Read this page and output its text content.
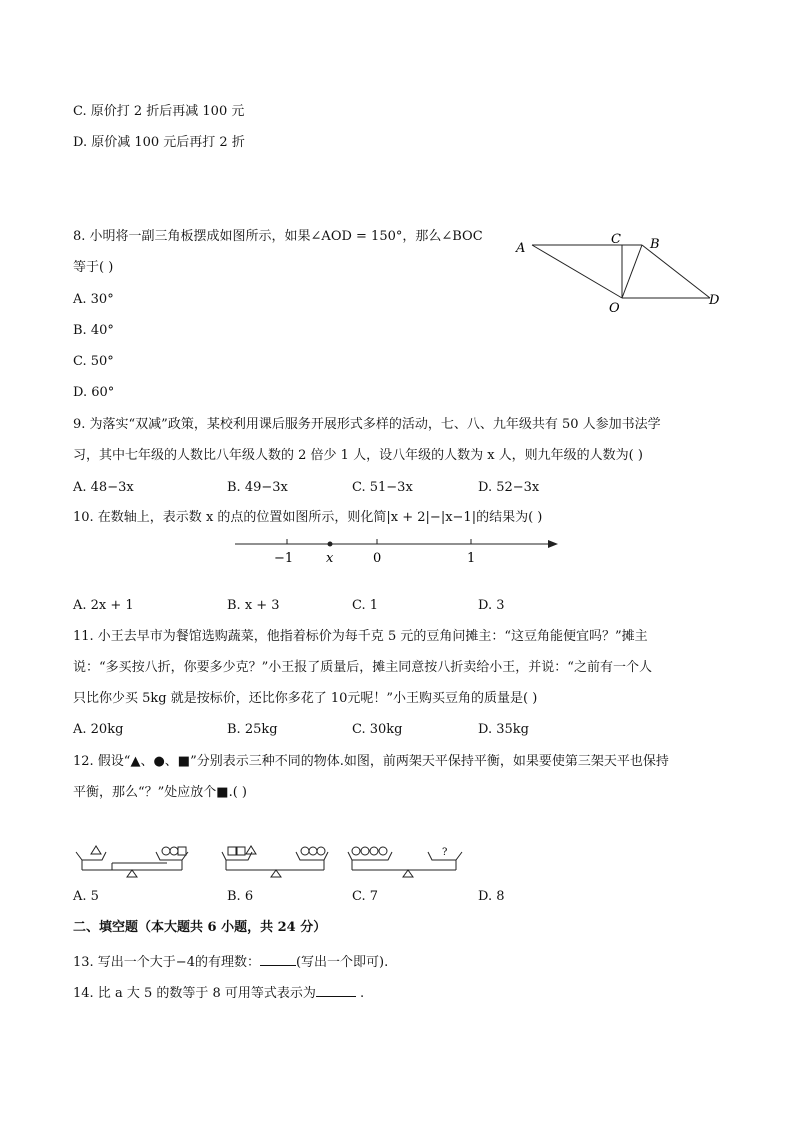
C. 原价打 2 折后再减 100 元
D. 原价减 100 元后再打 2 折
8. 小明将一副三角板摆成如图所示，如果∠AOD = 150°，那么∠BOC
等于( )
A. 30°
B. 40°
C. 50°
D. 60°
A
C B
D
O
9. 为落实“双减”政策，某校利用课后服务开展形式多样的活动，七、八、九年级共有 50 人参加书法学
习，其中七年级的人数比八年级人数的 2 倍少 1 人，设八年级的人数为 x 人，则九年级的人数为( )
A. 48−3x	B. 49−3x	C. 51−3x	D. 52−3x
10. 在数轴上，表示数 x 的点的位置如图所示，则化简|x + 2|−|x−1|的结果为( )
−1	x	0	1
A. 2x + 1	B. x + 3	C. 1	D. 3
11. 小王去早市为餐馆选购蔬菜，他指着标价为每千克 5 元的豆角问摊主：“这豆角能便宜吗？”摊主
说：“多买按八折，你要多少克？”小王报了质量后，摊主同意按八折卖给小王，并说：“之前有一个人
只比你少买 5kg 就是按标价，还比你多花了 10元呢！”小王购买豆角的质量是( )
A. 20kg	B. 25kg	C. 30kg	D. 35kg
12. 假设“▲、●、■”分别表示三种不同的物体.如图，前两架天平保持平衡，如果要使第三架天平也保持
平衡，那么“？”处应放个■.( )
?
A. 5	B. 6	C. 7	D. 8
二、填空题（本大题共 6 小题，共 24 分）
13. 写出一个大于−4的有理数：	(写出一个即可).
14. 比 a 大 5 的数等于 8 可用等式表示为	.
